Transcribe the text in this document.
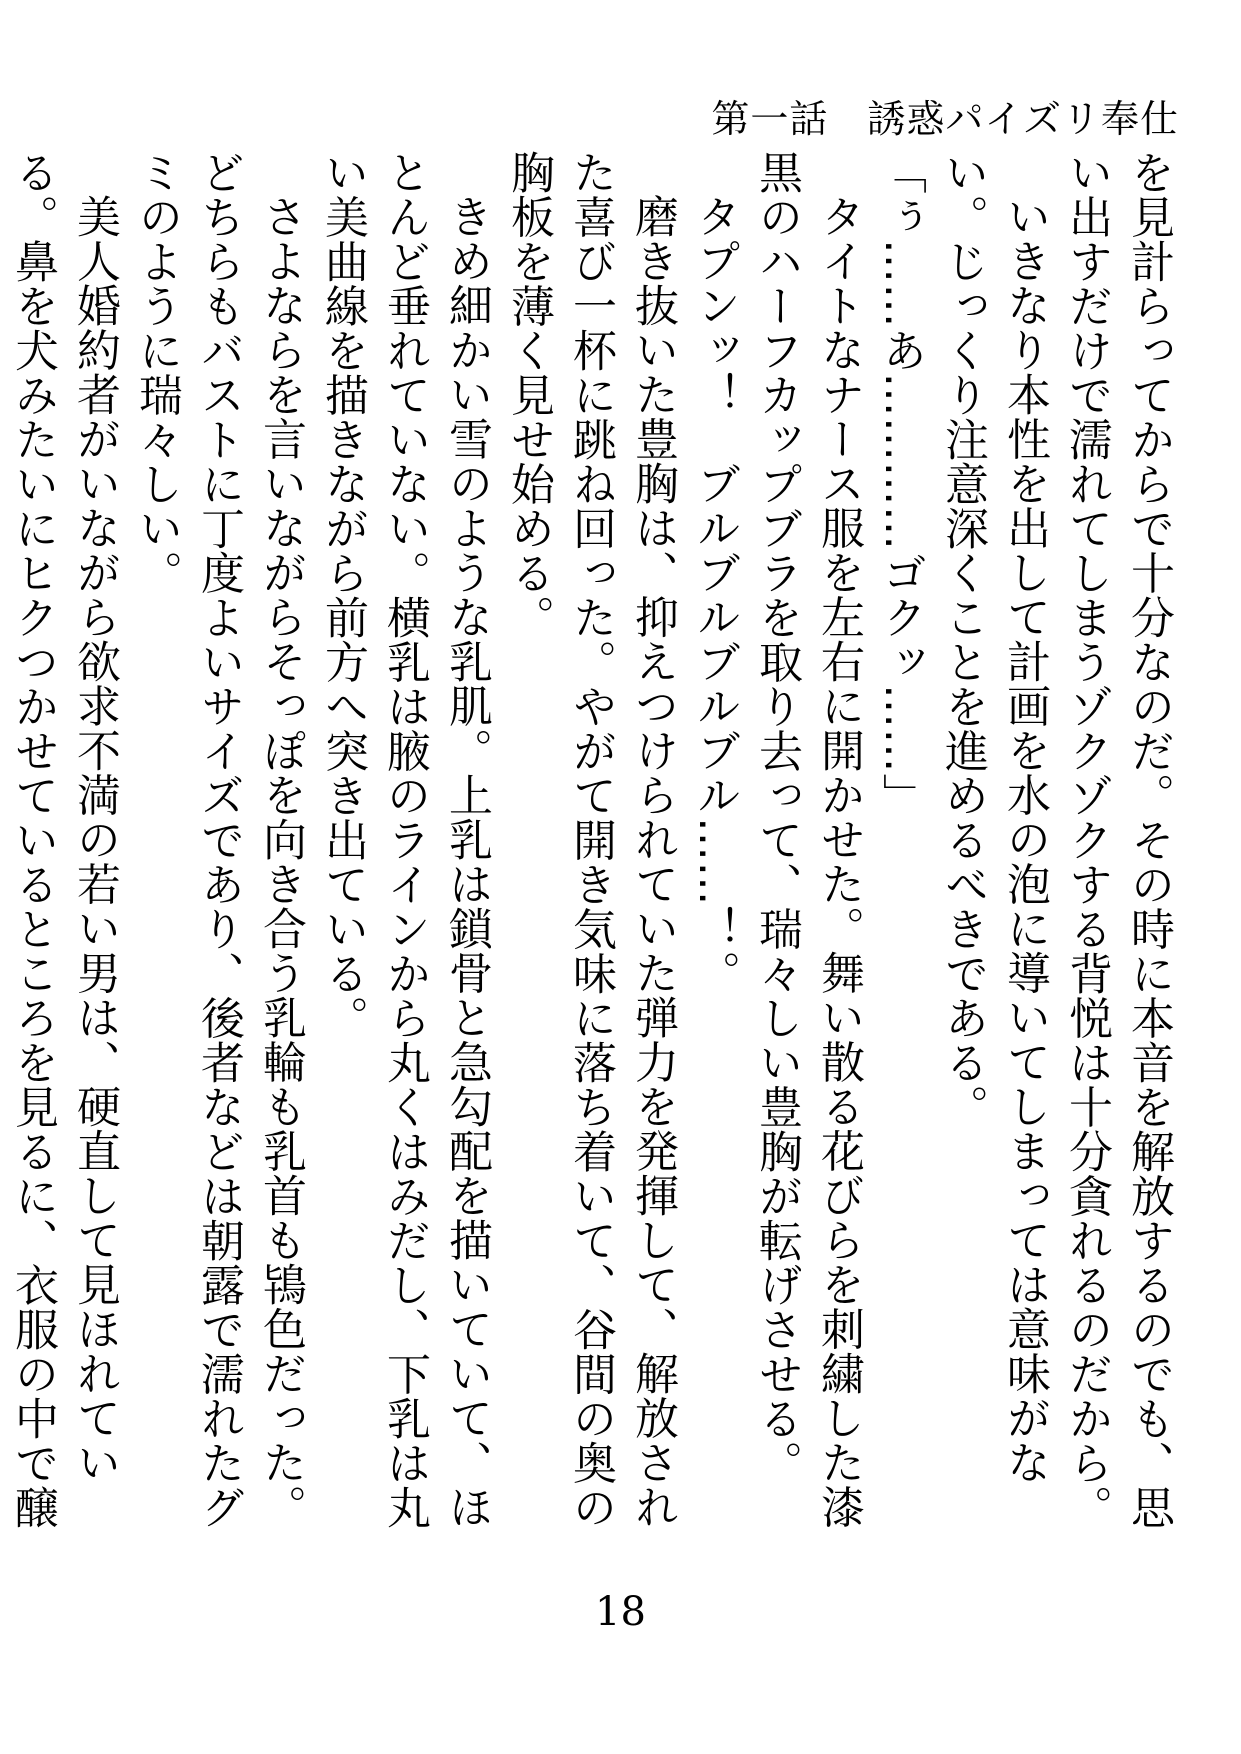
第一話　誘惑パイズリ奉仕

を見計らってからで十分なのだ。その時に本音を解放するのでも、思い出すだけで濡れてしまうゾクゾクする背悦は十分貪れるのだから。

いきなり本性を出して計画を水の泡に導いてしまっては意味がない。じっくり注意深くことを進めるべきである。

「ぅ……あ…………ゴクッ……」

タイトなナース服を左右に開かせた。舞い散る花びらを刺繍した漆黒のハーフカップブラを取り去って、瑞々しい豊胸が転げさせる。

タプンッ！　ブルブルブルブル……！。

磨き抜いた豊胸は、抑えつけられていた弾力を発揮して、解放された喜び一杯に跳ね回った。やがて開き気味に落ち着いて、谷間の奥の胸板を薄く見せ始める。

きめ細かい雪のような乳肌。上乳は鎖骨と急勾配を描いていて、ほとんど垂れていない。横乳は腋のラインから丸くはみだし、下乳は丸い美曲線を描きながら前方へ突き出ている。

さよならを言いながらそっぽを向き合う乳輪も乳首も鴇色だった。どちらもバストに丁度よいサイズであり、後者などは朝露で濡れたグミのように瑞々しい。

美人婚約者がいながら欲求不満の若い男は、硬直して見ほれている。鼻を犬みたいにヒクつかせているところを見るに、衣服の中で醸

18
